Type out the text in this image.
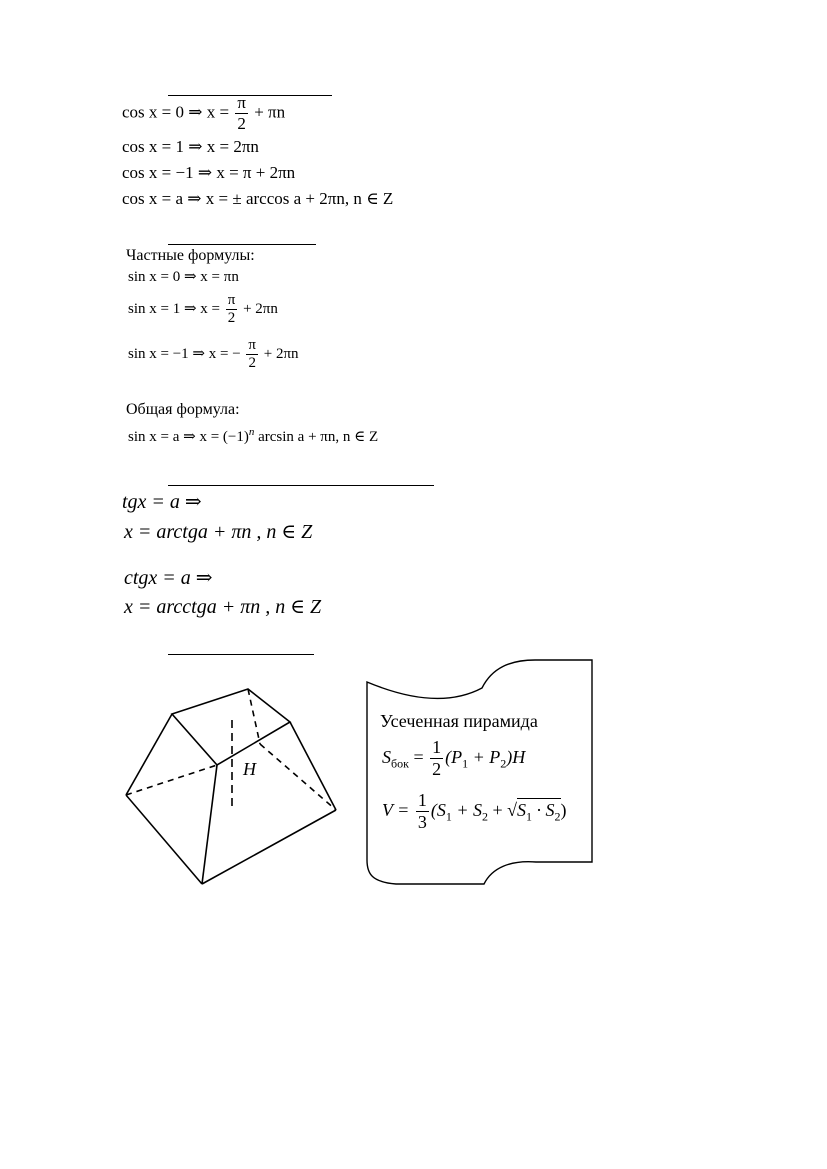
cos x = 0 ⇒ $x = \frac{\pi}{2} + \pi n$
cos x = 1 ⇒ x = 2πn
cos x = −1 ⇒ x = π + 2πn
cos x = a ⇒ x = ± arccos a + 2πn, n ∈ Z
Частные формулы:
sin x = 0 ⇒ x = πn
sin x = 1 ⇒ $x = \frac{\pi}{2} + 2\pi n$
sin x = −1 ⇒ x = − $\frac{\pi}{2} + 2\pi n$
Общая формула:
sin x = a ⇒ $x = (-1)^n$ arcsin a + πn, n ∈ Z
tgx = a ⇒
x = arctga + πn , n ∈ Z
ctgx = a ⇒
x = arcctga + πn , n ∈ Z
H
Усеченная пирамида
$S_{бок} = \frac{1}{2} (P_1 + P_2)H$
$V = \frac{1}{3} (S_1 + S_2 + √S_1 \cdot S_2)$
